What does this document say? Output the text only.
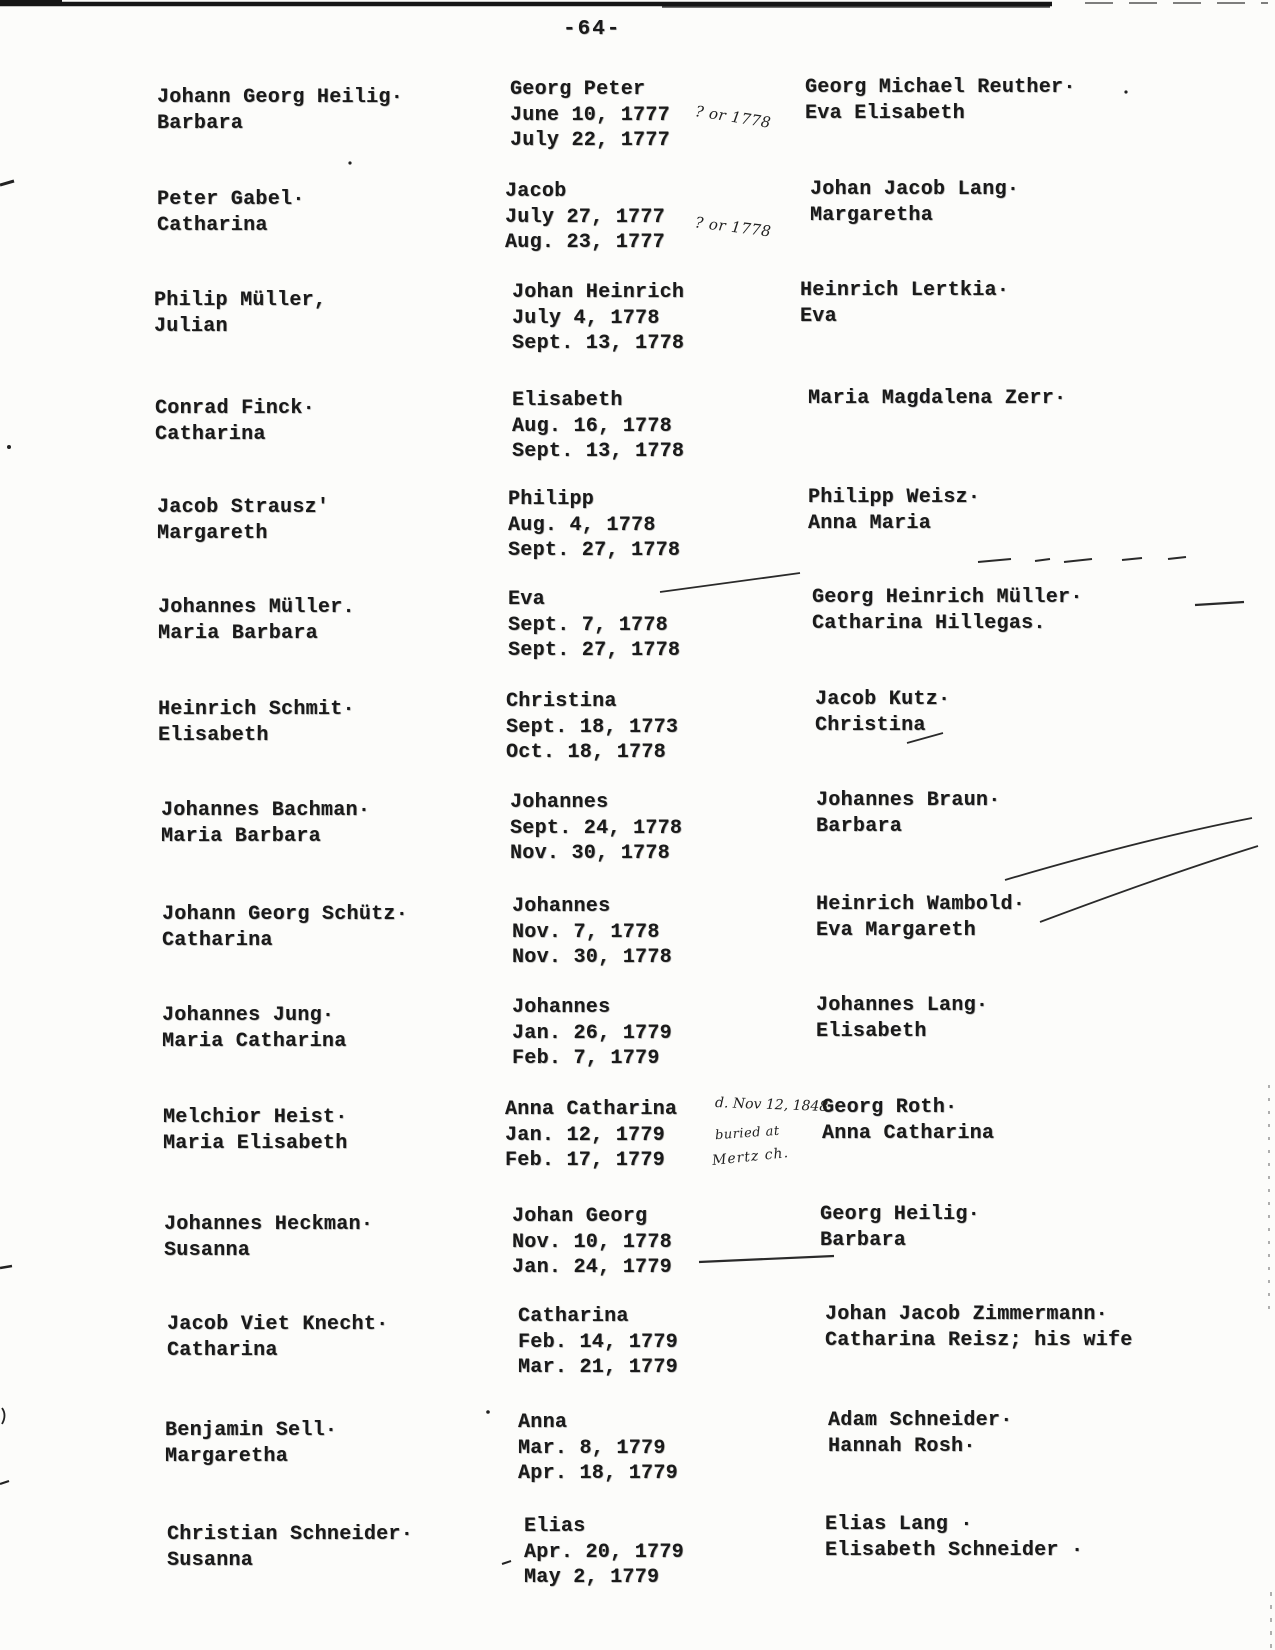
-64-
Johann Georg Heilig·
Barbara
Georg Peter
June 10, 1777
July 22, 1777
? or 1778
Georg Michael Reuther·
Eva Elisabeth
Peter Gabel·
Catharina
Jacob
July 27, 1777
Aug. 23, 1777
? or 1778
Johan Jacob Lang·
Margaretha
Philip Müller,
Julian
Johan Heinrich
July 4, 1778
Sept. 13, 1778
Heinrich Lertkia·
Eva
Conrad Finck·
Catharina
Elisabeth
Aug. 16, 1778
Sept. 13, 1778
Maria Magdalena Zerr·
Jacob Strausz'
Margareth
Philipp
Aug. 4, 1778
Sept. 27, 1778
Philipp Weisz·
Anna Maria
Johannes Müller.
Maria Barbara
Eva
Sept. 7, 1778
Sept. 27, 1778
Georg Heinrich Müller·
Catharina Hillegas.
Heinrich Schmit·
Elisabeth
Christina
Sept. 18, 1773
Oct. 18, 1778
Jacob Kutz·
Christina
Johannes Bachman·
Maria Barbara
Johannes
Sept. 24, 1778
Nov. 30, 1778
Johannes Braun·
Barbara
Johann Georg Schütz·
Catharina
Johannes
Nov. 7, 1778
Nov. 30, 1778
Heinrich Wambold·
Eva Margareth
Johannes Jung·
Maria Catharina
Johannes
Jan. 26, 1779
Feb. 7, 1779
Johannes Lang·
Elisabeth
Melchior Heist·
Maria Elisabeth
Anna Catharina
Jan. 12, 1779
Feb. 17, 1779
d. Nov 12, 1848
buried at
Mertz ch.
Georg Roth·
Anna Catharina
Johannes Heckman·
Susanna
Johan Georg
Nov. 10, 1778
Jan. 24, 1779
Georg Heilig·
Barbara
Jacob Viet Knecht·
Catharina
Catharina
Feb. 14, 1779
Mar. 21, 1779
Johan Jacob Zimmermann·
Catharina Reisz; his wife
Benjamin Sell·
Margaretha
Anna
Mar. 8, 1779
Apr. 18, 1779
Adam Schneider·
Hannah Rosh·
Christian Schneider·
Susanna
Elias
Apr. 20, 1779
May 2, 1779
Elias Lang ·
Elisabeth Schneider ·
